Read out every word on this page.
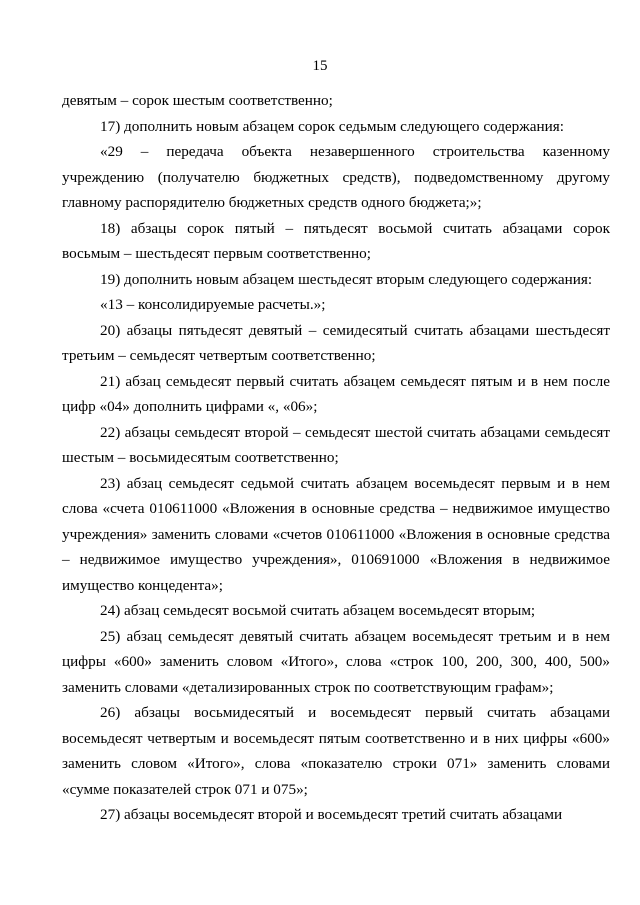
15

девятым – сорок шестым соответственно;

17) дополнить новым абзацем сорок седьмым следующего содержания:

«29 – передача объекта незавершенного строительства казенному учреждению (получателю бюджетных средств), подведомственному другому главному распорядителю бюджетных средств одного бюджета;»;

18) абзацы сорок пятый – пятьдесят восьмой считать абзацами сорок восьмым – шестьдесят первым соответственно;

19) дополнить новым абзацем шестьдесят вторым следующего содержания:

«13 – консолидируемые расчеты.»;

20) абзацы пятьдесят девятый – семидесятый считать абзацами шестьдесят третьим – семьдесят четвертым соответственно;

21) абзац семьдесят первый считать абзацем семьдесят пятым и в нем после цифр «04» дополнить цифрами «, «06»;

22) абзацы семьдесят второй – семьдесят шестой считать абзацами семьдесят шестым – восьмидесятым соответственно;

23) абзац семьдесят седьмой считать абзацем восемьдесят первым и в нем слова «счета 010611000 «Вложения в основные средства – недвижимое имущество учреждения» заменить словами «счетов 010611000 «Вложения в основные средства – недвижимое имущество учреждения», 010691000 «Вложения в недвижимое имущество концедента»;

24) абзац семьдесят восьмой считать абзацем восемьдесят вторым;

25) абзац семьдесят девятый считать абзацем восемьдесят третьим и в нем цифры «600» заменить словом «Итого», слова «строк 100, 200, 300, 400, 500» заменить словами «детализированных строк по соответствующим графам»;

26) абзацы восьмидесятый и восемьдесят первый считать абзацами восемьдесят четвертым и восемьдесят пятым соответственно и в них цифры «600» заменить словом «Итого», слова «показателю строки 071» заменить словами «сумме показателей строк 071 и 075»;

27) абзацы восемьдесят второй и восемьдесят третий считать абзацами
